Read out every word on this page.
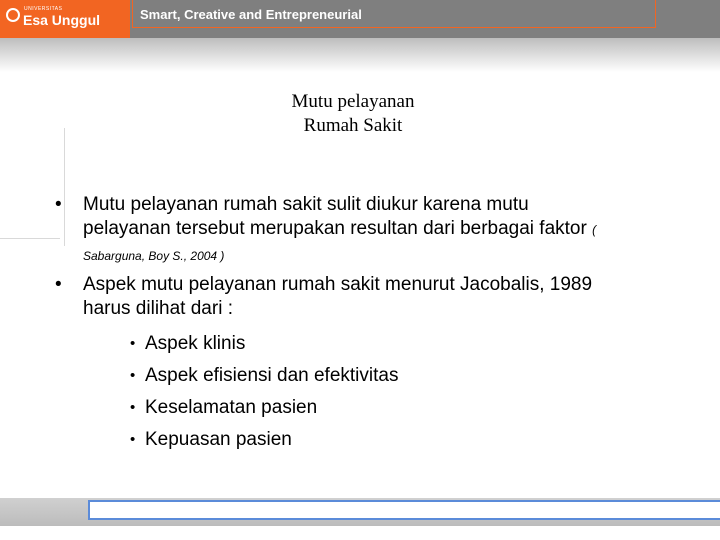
UNIVERSITAS
Esa Unggul	Smart, Creative and Entrepreneurial
Mutu pelayanan
Rumah Sakit
• Mutu pelayanan rumah sakit sulit diukur karena mutu
pelayanan tersebut merupakan resultan dari berbagai faktor (
Sabarguna, Boy S., 2004 )
• Aspek mutu pelayanan rumah sakit menurut Jacobalis, 1989
harus dilihat dari :
• Aspek klinis
• Aspek efisiensi dan efektivitas
• Keselamatan pasien
• Kepuasan pasien
